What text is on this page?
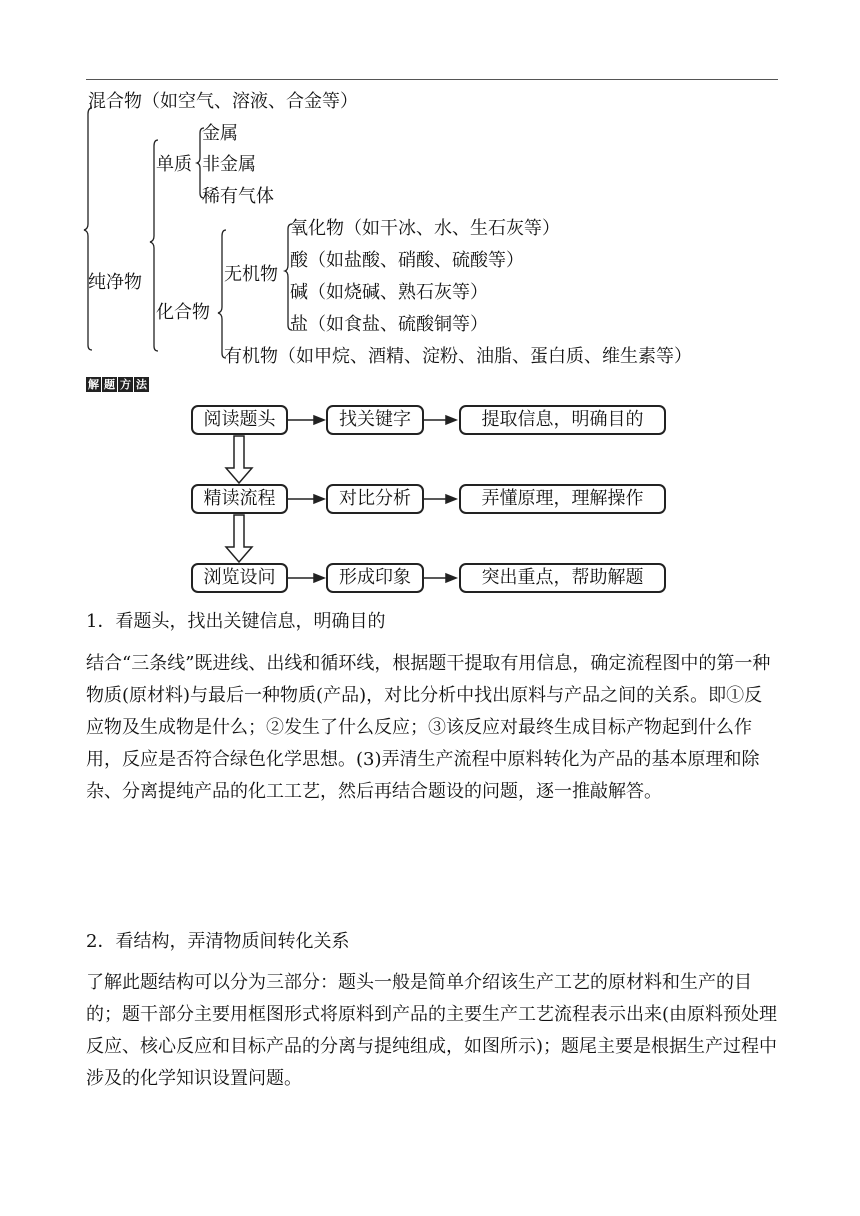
混合物（如空气、溶液、合金等）
金属
单质 非金属
稀有气体
氧化物（如干冰、水、生石灰等）
酸（如盐酸、硝酸、硫酸等）
无机物
纯净物	碱（如烧碱、熟石灰等）
化合物
盐（如食盐、硫酸铜等）
有机物（如甲烷、酒精、淀粉、油脂、蛋白质、维生素等）
解 题 方 法
阅读题头	找关键字	提取信息，明确目的
精读流程	对比分析	弄懂原理，理解操作
浏览设问	形成印象	突出重点，帮助解题
1．看题头，找出关键信息，明确目的

结合“三条线”既进线、出线和循环线，根据题干提取有用信息，确定流程图中的第一种物质(原材料)与最后一种物质(产品)，对比分析中找出原料与产品之间的关系。即①反应物及生成物是什么；②发生了什么反应；③该反应对最终生成目标产物起到什么作用，反应是否符合绿色化学思想。(3)弄清生产流程中原料转化为产品的基本原理和除杂、分离提纯产品的化工工艺，然后再结合题设的问题，逐一推敲解答。

2．看结构，弄清物质间转化关系

了解此题结构可以分为三部分：题头一般是简单介绍该生产工艺的原材料和生产的目的；题干部分主要用框图形式将原料到产品的主要生产工艺流程表示出来(由原料预处理反应、核心反应和目标产品的分离与提纯组成，如图所示)；题尾主要是根据生产过程中涉及的化学知识设置问题。
